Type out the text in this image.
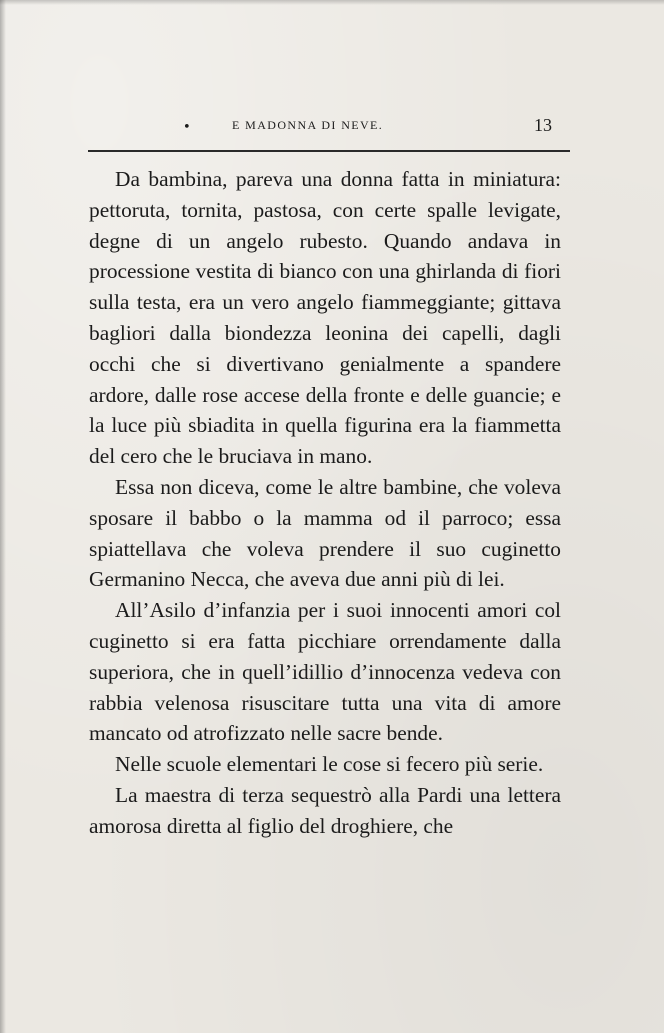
•	E MADONNA DI NEVE.	13

Da bambina, pareva una donna fatta in miniatura: pettoruta, tornita, pastosa, con certe spalle levigate, degne di un angelo rubesto. Quando andava in processione vestita di bianco con una ghirlanda di fiori sulla testa, era un vero angelo fiammeggiante; gittava bagliori dalla biondezza leonina dei capelli, dagli occhi che si divertivano genialmente a spandere ardore, dalle rose accese della fronte e delle guancie; e la luce più sbiadita in quella figurina era la fiammetta del cero che le bruciava in mano.

Essa non diceva, come le altre bambine, che voleva sposare il babbo o la mamma od il parroco; essa spiattellava che voleva prendere il suo cuginetto Germanino Necca, che aveva due anni più di lei.

All’Asilo d’infanzia per i suoi innocenti amori col cuginetto si era fatta picchiare orrendamente dalla superiora, che in quell’idillio d’innocenza vedeva con rabbia velenosa risuscitare tutta una vita di amore mancato od atrofizzato nelle sacre bende.

Nelle scuole elementari le cose si fecero più serie.

La maestra di terza sequestrò alla Pardi una lettera amorosa diretta al figlio del droghiere, che
